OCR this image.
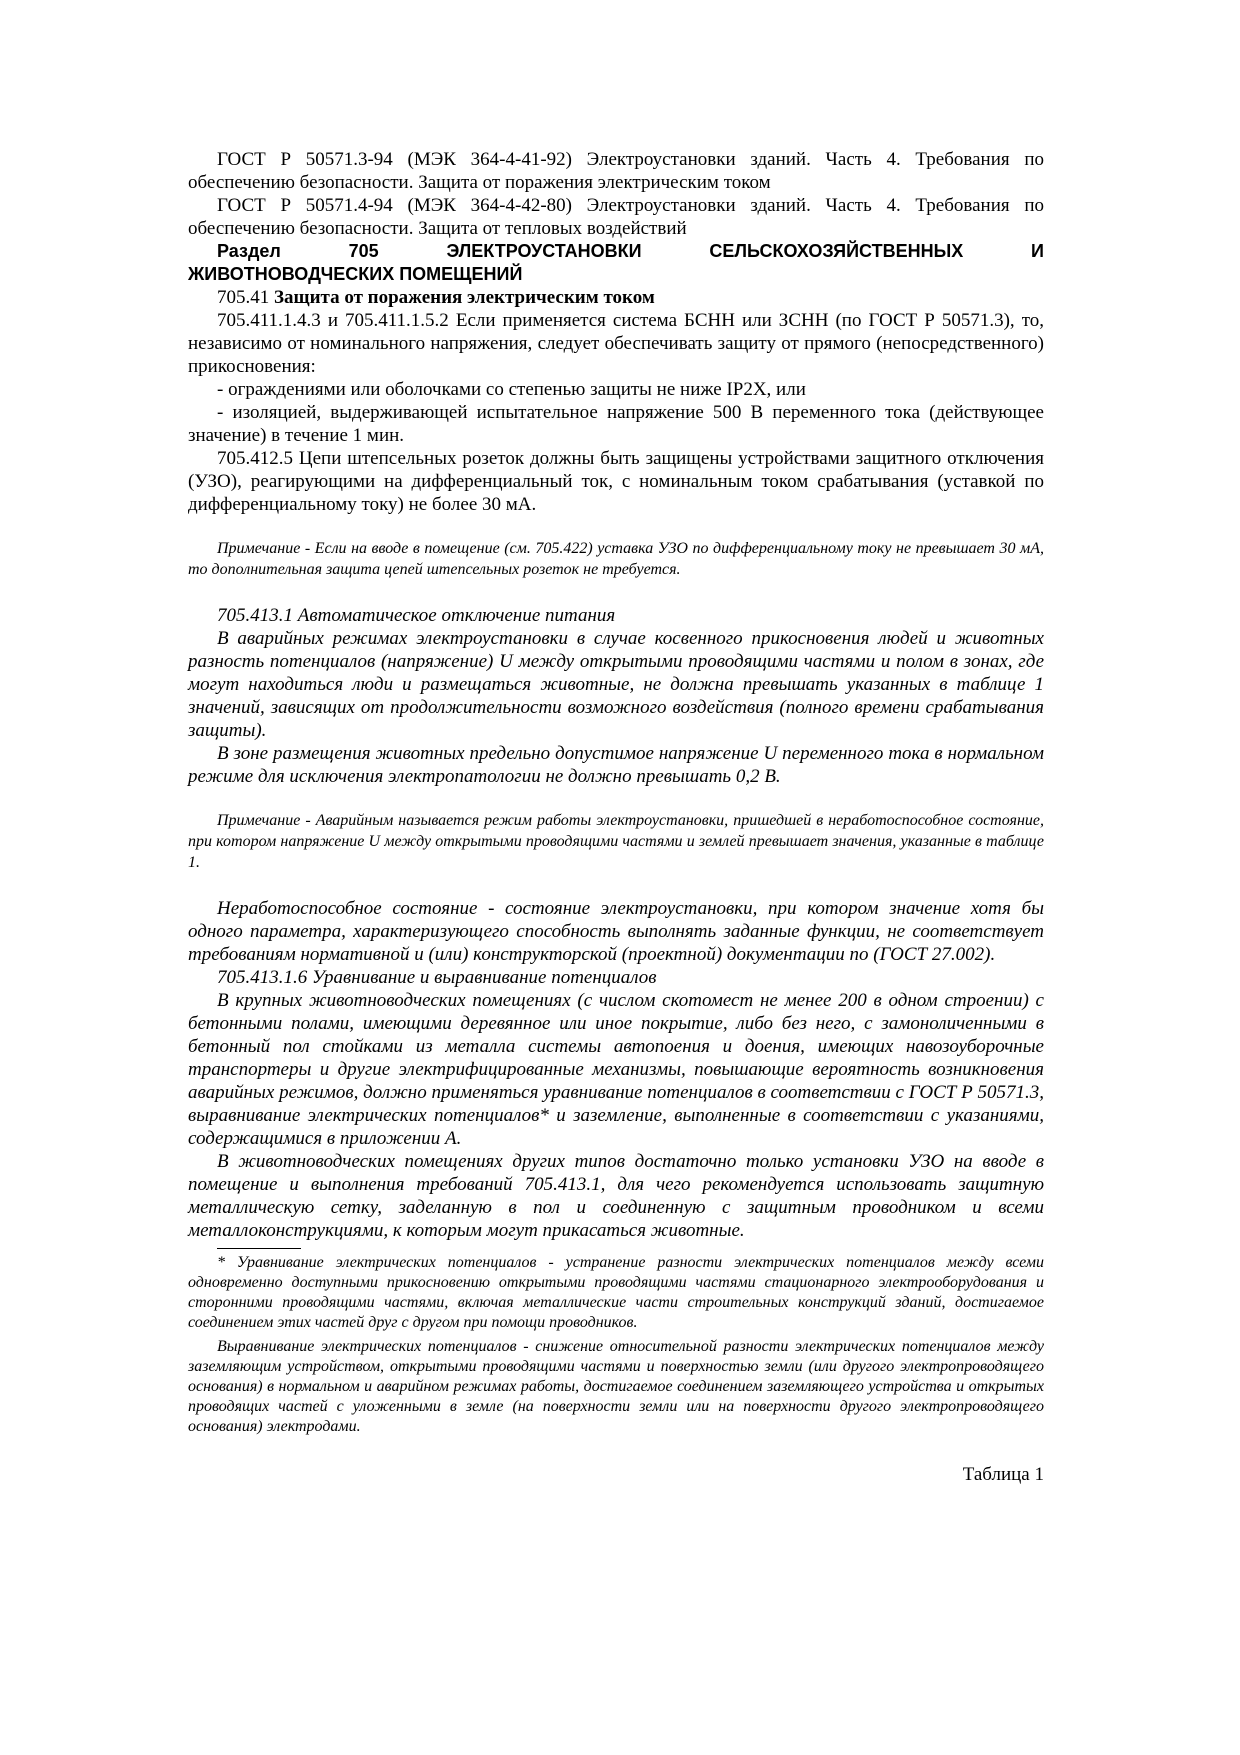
ГОСТ Р 50571.3-94 (МЭК 364-4-41-92) Электроустановки зданий. Часть 4. Требования по обеспечению безопасности. Защита от поражения электрическим током

ГОСТ Р 50571.4-94 (МЭК 364-4-42-80) Электроустановки зданий. Часть 4. Требования по обеспечению безопасности. Защита от тепловых воздействий

Раздел 705 ЭЛЕКТРОУСТАНОВКИ СЕЛЬСКОХОЗЯЙСТВЕННЫХ И

ЖИВОТНОВОДЧЕСКИХ ПОМЕЩЕНИЙ

705.41 Защита от поражения электрическим током

705.411.1.4.3 и 705.411.1.5.2 Если применяется система БСНН или ЗСНН (по ГОСТ Р 50571.3), то, независимо от номинального напряжения, следует обеспечивать защиту от прямого (непосредственного) прикосновения:

- ограждениями или оболочками со степенью защиты не ниже IP2X, или

- изоляцией, выдерживающей испытательное напряжение 500 В переменного тока (действующее значение) в течение 1 мин.

705.412.5 Цепи штепсельных розеток должны быть защищены устройствами защитного отключения (УЗО), реагирующими на дифференциальный ток, с номинальным током срабатывания (уставкой по дифференциальному току) не более 30 мА.

Примечание - Если на вводе в помещение (см. 705.422) уставка УЗО по дифференциальному току не превышает 30 мА, то дополнительная защита цепей штепсельных розеток не требуется.

705.413.1 Автоматическое отключение питания

В аварийных режимах электроустановки в случае косвенного прикосновения людей и животных разность потенциалов (напряжение) U между открытыми проводящими частями и полом в зонах, где могут находиться люди и размещаться животные, не должна превышать указанных в таблице 1 значений, зависящих от продолжительности возможного воздействия (полного времени срабатывания защиты).

В зоне размещения животных предельно допустимое напряжение U переменного тока в нормальном режиме для исключения электропатологии не должно превышать 0,2 В.

Примечание - Аварийным называется режим работы электроустановки, пришедшей в неработоспособное состояние, при котором напряжение U между открытыми проводящими частями и землей превышает значения, указанные в таблице 1.

Неработоспособное состояние - состояние электроустановки, при котором значение хотя бы одного параметра, характеризующего способность выполнять заданные функции, не соответствует требованиям нормативной и (или) конструкторской (проектной) документации по (ГОСТ 27.002).

705.413.1.6 Уравнивание и выравнивание потенциалов

В крупных животноводческих помещениях (с числом скотомест не менее 200 в одном строении) с бетонными полами, имеющими деревянное или иное покрытие, либо без него, с замоноличенными в бетонный пол стойками из металла системы автопоения и доения, имеющих навозоуборочные транспортеры и другие электрифицированные механизмы, повышающие вероятность возникновения аварийных режимов, должно применяться уравнивание потенциалов в соответствии с ГОСТ Р 50571.3, выравнивание электрических потенциалов* и заземление, выполненные в соответствии с указаниями, содержащимися в приложении А.

В животноводческих помещениях других типов достаточно только установки УЗО на вводе в помещение и выполнения требований 705.413.1, для чего рекомендуется использовать защитную металлическую сетку, заделанную в пол и соединенную с защитным проводником и всеми металлоконструкциями, к которым могут прикасаться животные.

* Уравнивание электрических потенциалов - устранение разности электрических потенциалов между всеми одновременно доступными прикосновению открытыми проводящими частями стационарного электрооборудования и сторонними проводящими частями, включая металлические части строительных конструкций зданий, достигаемое соединением этих частей друг с другом при помощи проводников.

Выравнивание электрических потенциалов - снижение относительной разности электрических потенциалов между заземляющим устройством, открытыми проводящими частями и поверхностью земли (или другого электропроводящего основания) в нормальном и аварийном режимах работы, достигаемое соединением заземляющего устройства и открытых проводящих частей с уложенными в земле (на поверхности земли или на поверхности другого электропроводящего основания) электродами.

Таблица 1
